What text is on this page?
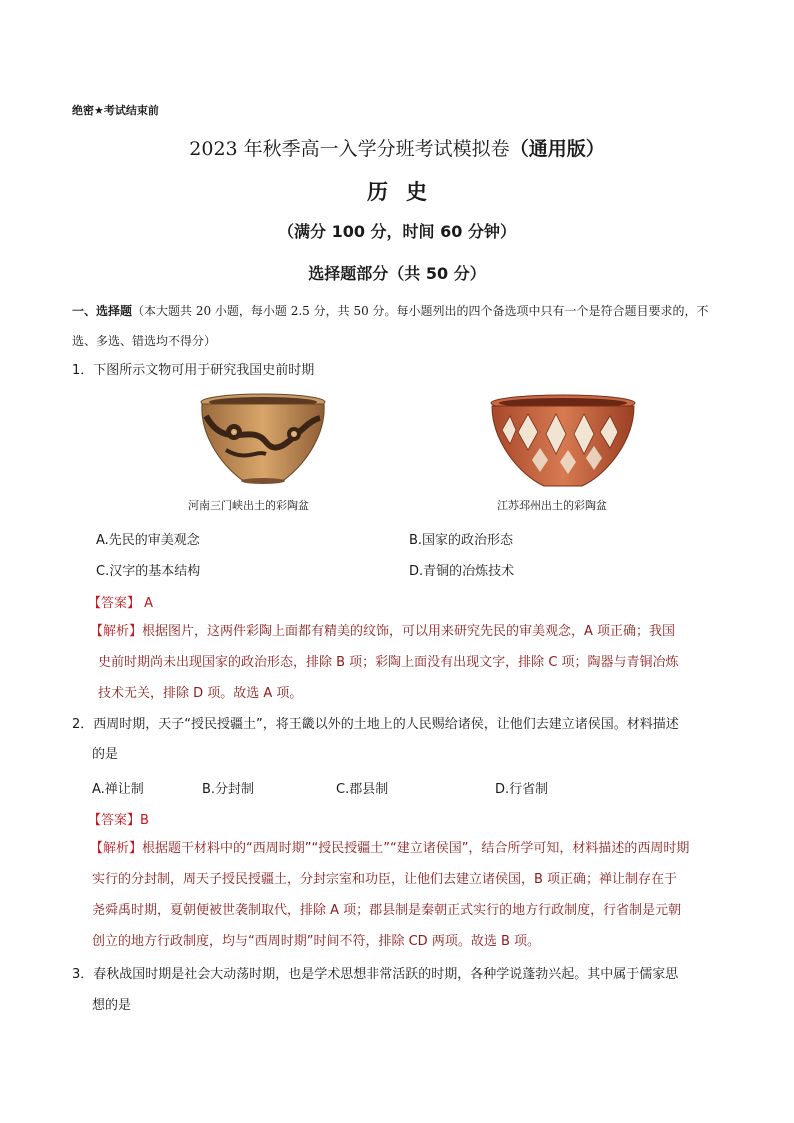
绝密★考试结束前
2023 年秋季高一入学分班考试模拟卷（通用版）
历史
（满分 100 分，时间 60 分钟）
选择题部分（共 50 分）
一、选择题（本大题共 20 小题，每小题 2.5 分，共 50 分。每小题列出的四个备选项中只有一个是符合题目要求的，不选、多选、错选均不得分）
1．下图所示文物可用于研究我国史前时期
河南三门峡出土的彩陶盆	江苏邳州出土的彩陶盆
A.先民的审美观念	B.国家的政治形态
C.汉字的基本结构	D.青铜的冶炼技术
【答案】 A
【解析】根据图片，这两件彩陶上面都有精美的纹饰，可以用来研究先民的审美观念，A 项正确；我国
史前时期尚未出现国家的政治形态，排除 B 项；彩陶上面没有出现文字，排除 C 项；陶器与青铜冶炼
技术无关，排除 D 项。故选 A 项。
2．西周时期，天子“授民授疆土”，将王畿以外的土地上的人民赐给诸侯，让他们去建立诸侯国。材料描述
的是
A.禅让制	B.分封制	C.郡县制	D.行省制
【答案】B
【解析】根据题干材料中的“西周时期”“授民授疆土”“建立诸侯国”，结合所学可知，材料描述的西周时期
实行的分封制，周天子授民授疆土，分封宗室和功臣，让他们去建立诸侯国，B 项正确；禅让制存在于
尧舜禹时期，夏朝便被世袭制取代，排除 A 项；郡县制是秦朝正式实行的地方行政制度，行省制是元朝
创立的地方行政制度，均与“西周时期”时间不符，排除 CD 两项。故选 B 项。
3．春秋战国时期是社会大动荡时期，也是学术思想非常活跃的时期，各种学说蓬勃兴起。其中属于儒家思
想的是
